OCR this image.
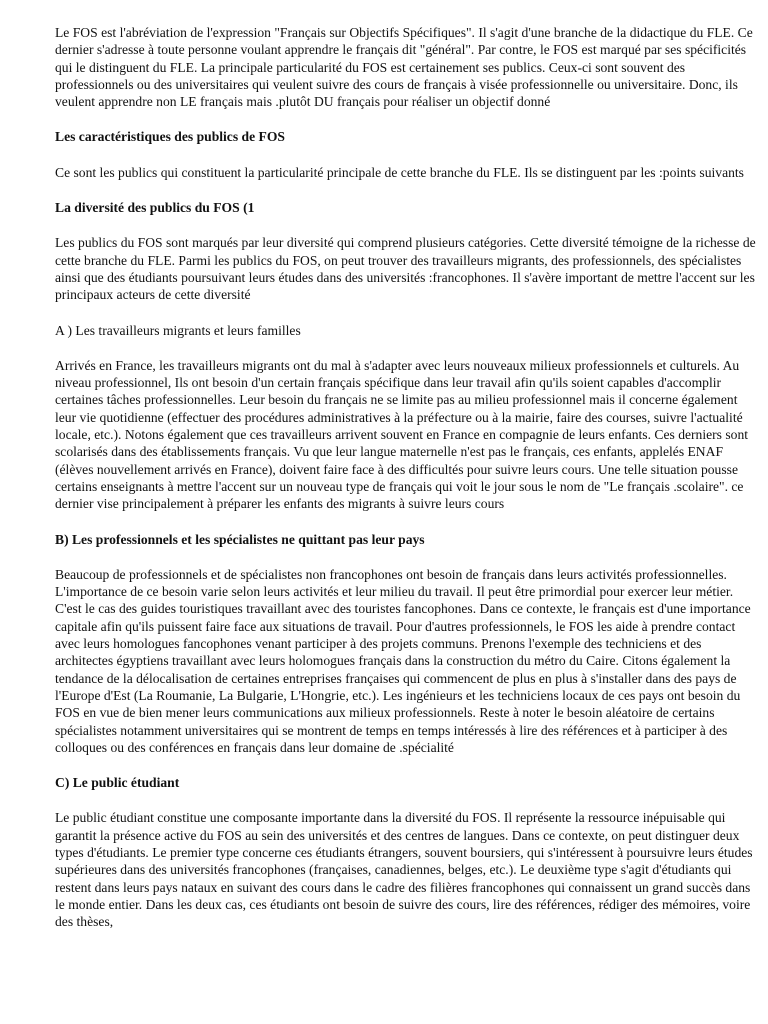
Le FOS est l'abréviation de l'expression "Français sur Objectifs Spécifiques". Il s'agit d'une branche de la didactique du FLE. Ce dernier s'adresse à toute personne voulant apprendre le français dit "général". Par contre, le FOS est marqué par ses spécificités qui le distinguent du FLE. La principale particularité du FOS est certainement ses publics. Ceux-ci sont souvent des professionnels ou des universitaires qui veulent suivre des cours de français à visée professionnelle ou universitaire. Donc, ils veulent apprendre non LE français mais .plutôt DU français pour réaliser un objectif donné

Les caractéristiques des publics de FOS

Ce sont les publics qui constituent la particularité principale de cette branche du FLE. Ils se distinguent par les :points suivants

La diversité des publics du FOS (1

Les publics du FOS sont marqués par leur diversité qui comprend plusieurs catégories. Cette diversité témoigne de la richesse de cette branche du FLE. Parmi les publics du FOS, on peut trouver des travailleurs migrants, des professionnels, des spécialistes ainsi que des étudiants poursuivant leurs études dans des universités :francophones. Il s'avère important de mettre l'accent sur les principaux acteurs de cette diversité

A ) Les travailleurs migrants et leurs familles

Arrivés en France, les travailleurs migrants ont du mal à s'adapter avec leurs nouveaux milieux professionnels et culturels. Au niveau professionnel, Ils ont besoin d'un certain français spécifique dans leur travail afin qu'ils soient capables d'accomplir certaines tâches professionnelles. Leur besoin du français ne se limite pas au milieu professionnel mais il concerne également leur vie quotidienne (effectuer des procédures administratives à la préfecture ou à la mairie, faire des courses, suivre l'actualité locale, etc.). Notons également que ces travailleurs arrivent souvent en France en compagnie de leurs enfants. Ces derniers sont scolarisés dans des établissements français. Vu que leur langue maternelle n'est pas le français, ces enfants, applelés ENAF (élèves nouvellement arrivés en France), doivent faire face à des difficultés pour suivre leurs cours. Une telle situation pousse certains enseignants à mettre l'accent sur un nouveau type de français qui voit le jour sous le nom de "Le français .scolaire". ce dernier vise principalement à préparer les enfants des migrants à suivre leurs cours

B) Les professionnels et les spécialistes ne quittant pas leur pays

Beaucoup de professionnels et de spécialistes non francophones ont besoin de français dans leurs activités professionnelles. L'importance de ce besoin varie selon leurs activités et leur milieu du travail. Il peut être primordial pour exercer leur métier. C'est le cas des guides touristiques travaillant avec des touristes fancophones. Dans ce contexte, le français est d'une importance capitale afin qu'ils puissent faire face aux situations de travail. Pour d'autres professionnels, le FOS les aide à prendre contact avec leurs homologues fancophones venant participer à des projets communs. Prenons l'exemple des techniciens et des architectes égyptiens travaillant avec leurs holomogues français dans la construction du métro du Caire. Citons également la tendance de la délocalisation de certaines entreprises françaises qui commencent de plus en plus à s'installer dans des pays de l'Europe d'Est (La Roumanie, La Bulgarie, L'Hongrie, etc.). Les ingénieurs et les techniciens locaux de ces pays ont besoin du FOS en vue de bien mener leurs communications aux milieux professionnels. Reste à noter le besoin aléatoire de certains spécialistes notamment universitaires qui se montrent de temps en temps intéressés à lire des références et à participer à des colloques ou des conférences en français dans leur domaine de .spécialité

C) Le public étudiant

Le public étudiant constitue une composante importante dans la diversité du FOS. Il représente la ressource inépuisable qui garantit la présence active du FOS au sein des universités et des centres de langues. Dans ce contexte, on peut distinguer deux types d'étudiants. Le premier type concerne ces étudiants étrangers, souvent boursiers, qui s'intéressent à poursuivre leurs études supérieures dans des universités francophones (françaises, canadiennes, belges, etc.). Le deuxième type s'agit d'étudiants qui restent dans leurs pays nataux en suivant des cours dans le cadre des filières francophones qui connaissent un grand succès dans le monde entier. Dans les deux cas, ces étudiants ont besoin de suivre des cours, lire des références, rédiger des mémoires, voire des thèses,
